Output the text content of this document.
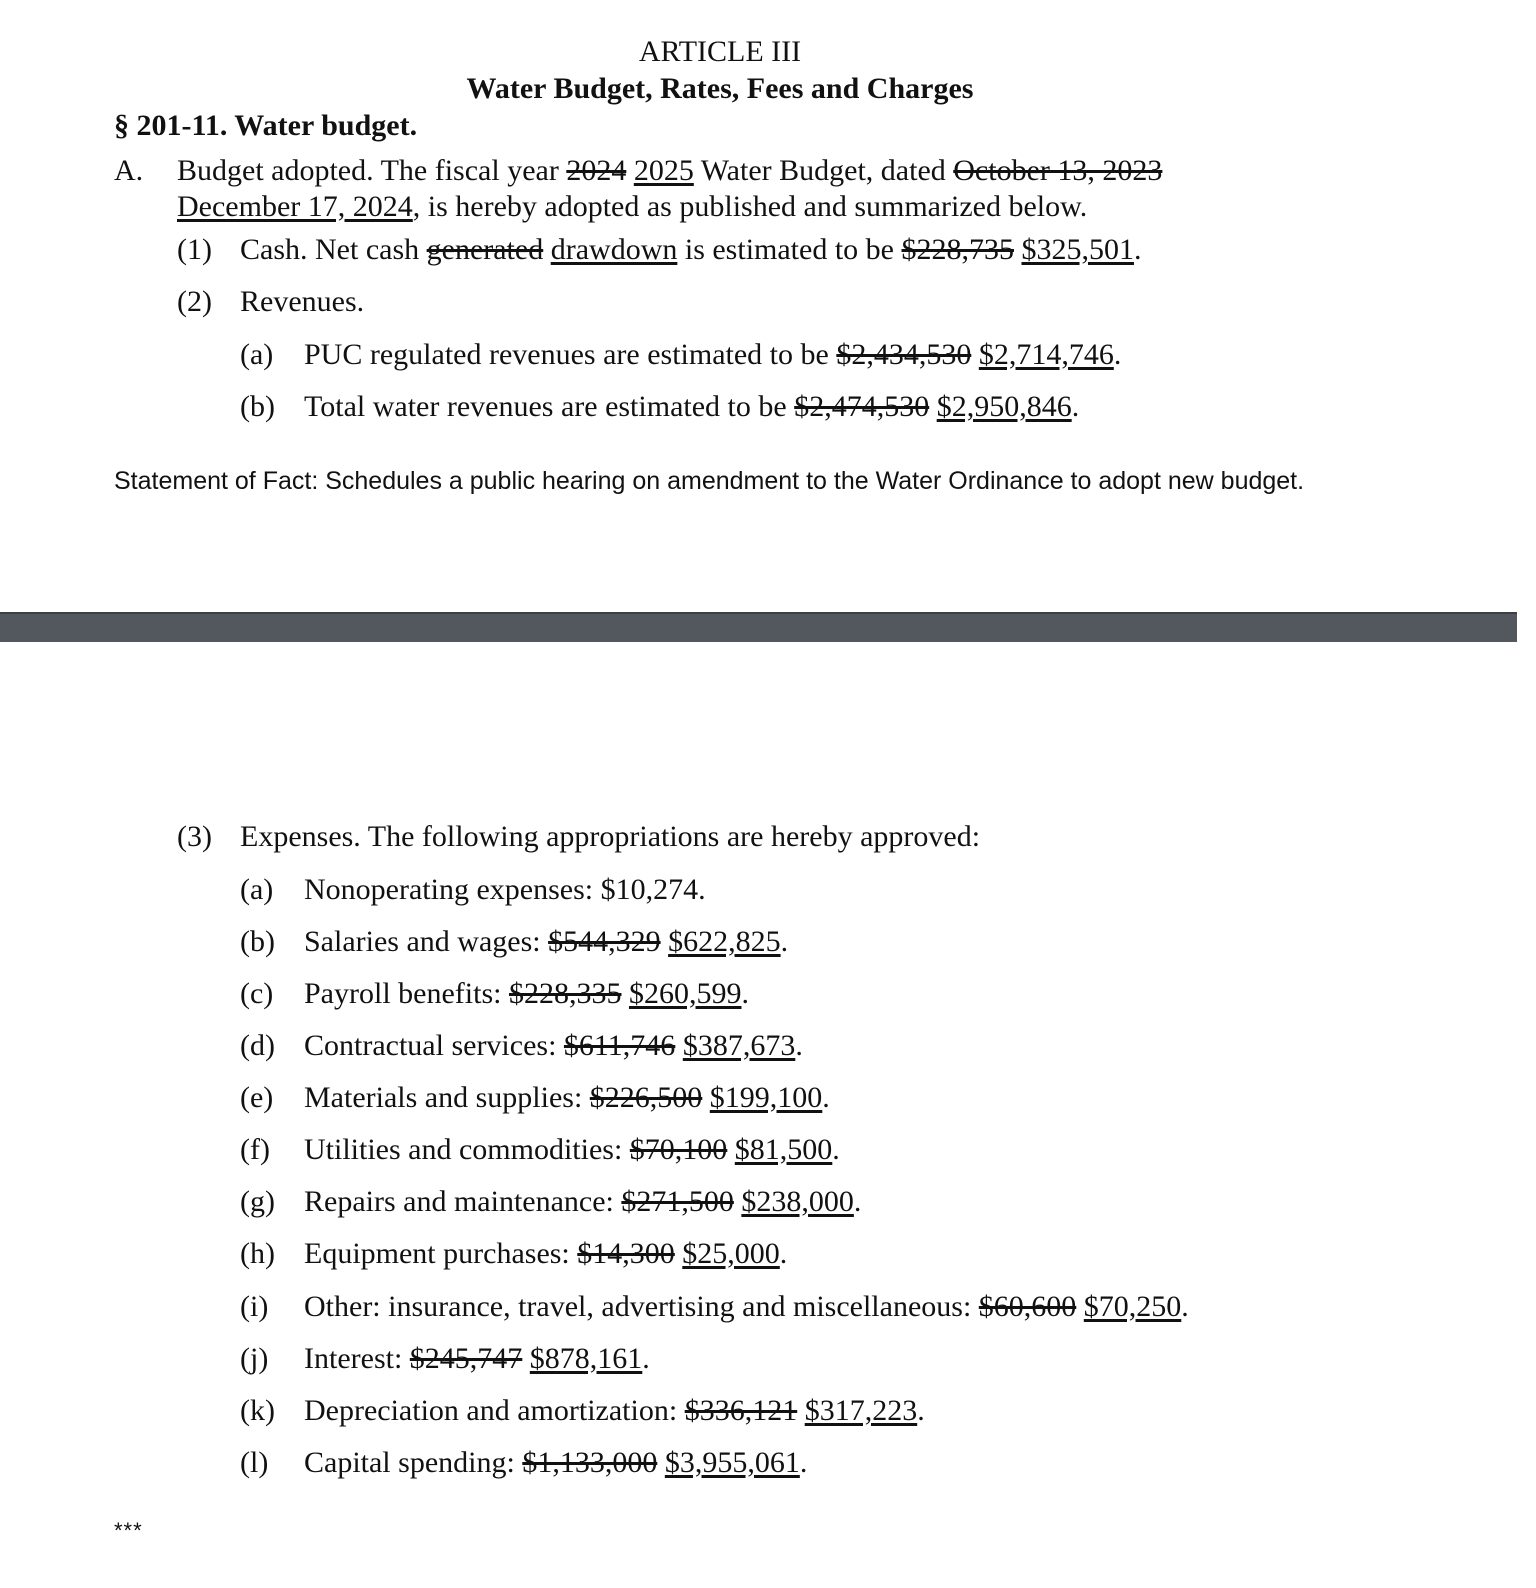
ARTICLE III
Water Budget, Rates, Fees and Charges
§ 201-11. Water budget.
A. Budget adopted. The fiscal year 2024 2025 Water Budget, dated October 13, 2023
December 17, 2024, is hereby adopted as published and summarized below.
(1) Cash. Net cash generated drawdown is estimated to be $228,735 $325,501.
(2) Revenues.
(a) PUC regulated revenues are estimated to be $2,434,530 $2,714,746.
(b) Total water revenues are estimated to be $2,474,530 $2,950,846.
Statement of Fact: Schedules a public hearing on amendment to the Water Ordinance to adopt new budget.
(3) Expenses. The following appropriations are hereby approved:
(a) Nonoperating expenses: $10,274.
(b) Salaries and wages: $544,329 $622,825.
(c) Payroll benefits: $228,335 $260,599.
(d) Contractual services: $611,746 $387,673.
(e) Materials and supplies: $226,500 $199,100.
(f) Utilities and commodities: $70,100 $81,500.
(g) Repairs and maintenance: $271,500 $238,000.
(h) Equipment purchases: $14,300 $25,000.
(i) Other: insurance, travel, advertising and miscellaneous: $60,600 $70,250.
(j) Interest: $245,747 $878,161.
(k) Depreciation and amortization: $336,121 $317,223.
(l) Capital spending: $1,133,000 $3,955,061.
***
